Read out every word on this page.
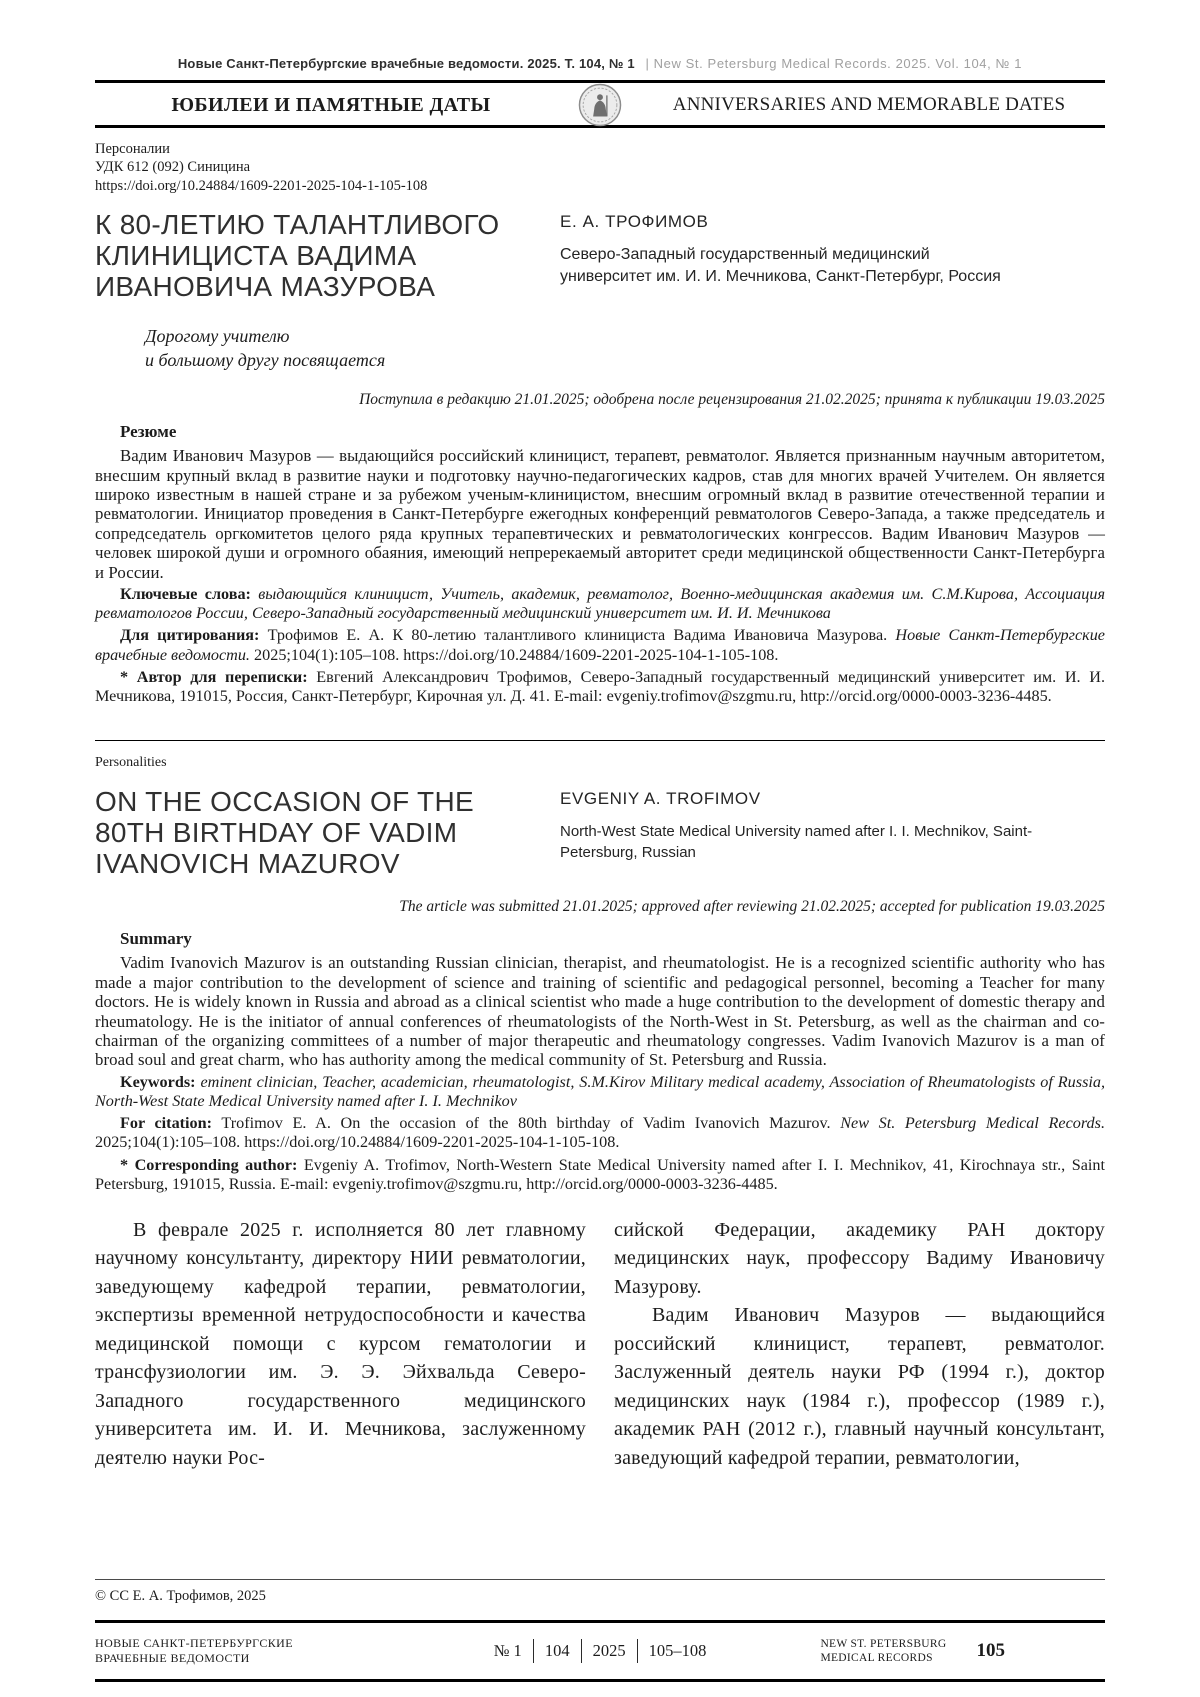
Новые Санкт-Петербургские врачебные ведомости. 2025. Т. 104, № 1 | New St. Petersburg Medical Records. 2025. Vol. 104, № 1
ЮБИЛЕИ И ПАМЯТНЫЕ ДАТЫ	ANNIVERSARIES AND MEMORABLE DATES
Персоналии
УДК 612 (092) Синицина
https://doi.org/10.24884/1609-2201-2025-104-1-105-108
К 80-ЛЕТИЮ ТАЛАНТЛИВОГО КЛИНИЦИСТА ВАДИМА ИВАНОВИЧА МАЗУРОВА
Е. А. ТРОФИМОВ
Северо-Западный государственный медицинский университет им. И. И. Мечникова, Санкт-Петербург, Россия
Дорогому учителю
и большому другу посвящается
Поступила в редакцию 21.01.2025; одобрена после рецензирования 21.02.2025; принята к публикации 19.03.2025
Резюме

Вадим Иванович Мазуров — выдающийся российский клиницист, терапевт, ревматолог. Является признанным научным авторитетом, внесшим крупный вклад в развитие науки и подготовку научно-педагогических кадров, став для многих врачей Учителем. Он является широко известным в нашей стране и за рубежом ученым-клиницистом, внесшим огромный вклад в развитие отечественной терапии и ревматологии. Инициатор проведения в Санкт-Петербурге ежегодных конференций ревматологов Северо-Запада, а также председатель и сопредседатель оргкомитетов целого ряда крупных терапевтических и ревматологических конгрессов. Вадим Иванович Мазуров — человек широкой души и огромного обаяния, имеющий непререкаемый авторитет среди медицинской общественности Санкт-Петербурга и России.

Ключевые слова: выдающийся клиницист, Учитель, академик, ревматолог, Военно-медицинская академия им. С.М.Кирова, Ассоциация ревматологов России, Северо-Западный государственный медицинский университет им. И. И. Мечникова

Для цитирования: Трофимов Е. А. К 80-летию талантливого клинициста Вадима Ивановича Мазурова. Новые Санкт-Петербургские врачебные ведомости. 2025;104(1):105–108. https://doi.org/10.24884/1609-2201-2025-104-1-105-108.

* Автор для переписки: Евгений Александрович Трофимов, Северо-Западный государственный медицинский университет им. И. И. Мечникова, 191015, Россия, Санкт-Петербург, Кирочная ул. Д. 41. E-mail: evgeniy.trofimov@szgmu.ru, http://orcid.org/0000-0003-3236-4485.

Personalities
ON THE OCCASION OF THE 80TH BIRTHDAY OF VADIM IVANOVICH MAZUROV
EVGENIY A. TROFIMOV
North-West State Medical University named after I. I. Mechnikov, Saint-Petersburg, Russian
The article was submitted 21.01.2025; approved after reviewing 21.02.2025; accepted for publication 19.03.2025
Summary

Vadim Ivanovich Mazurov is an outstanding Russian clinician, therapist, and rheumatologist. He is a recognized scientific authority who has made a major contribution to the development of science and training of scientific and pedagogical personnel, becoming a Teacher for many doctors. He is widely known in Russia and abroad as a clinical scientist who made a huge contribution to the development of domestic therapy and rheumatology. He is the initiator of annual conferences of rheumatologists of the North-West in St. Petersburg, as well as the chairman and co-chairman of the organizing committees of a number of major therapeutic and rheumatology congresses. Vadim Ivanovich Mazurov is a man of broad soul and great charm, who has authority among the medical community of St. Petersburg and Russia.

Keywords: eminent clinician, Teacher, academician, rheumatologist, S.M.Kirov Military medical academy, Association of Rheumatologists of Russia, North-West State Medical University named after I. I. Mechnikov

For citation: Trofimov E. A. On the occasion of the 80th birthday of Vadim Ivanovich Mazurov. New St. Petersburg Medical Records. 2025;104(1):105–108. https://doi.org/10.24884/1609-2201-2025-104-1-105-108.

* Corresponding author: Evgeniy A. Trofimov, North-Western State Medical University named after I. I. Mechnikov, 41, Kirochnaya str., Saint Petersburg, 191015, Russia. E-mail: evgeniy.trofimov@szgmu.ru, http://orcid.org/0000-0003-3236-4485.

В феврале 2025 г. исполняется 80 лет главному научному консультанту, директору НИИ ревматологии, заведующему кафедрой терапии, ревматологии, экспертизы временной нетрудоспособности и качества медицинской помощи с курсом гематологии и трансфузиологии им. Э. Э. Эйхвальда Северо-Западного государственного медицинского университета им. И. И. Мечникова, заслуженному деятелю науки Рос-

сийской Федерации, академику РАН доктору медицинских наук, профессору Вадиму Ивановичу Мазурову.

Вадим Иванович Мазуров — выдающийся российский клиницист, терапевт, ревматолог. Заслуженный деятель науки РФ (1994 г.), доктор медицинских наук (1984 г.), профессор (1989 г.), академик РАН (2012 г.), главный научный консультант, заведующий кафедрой терапии, ревматологии,

© СС Е. А. Трофимов, 2025
НОВЫЕ САНКТ-ПЕТЕРБУРГСКИЕ
ВРАЧЕБНЫЕ ВЕДОМОСТИ	№ 1	104	2025	105–108	NEW ST. PETERSBURG
MEDICAL RECORDS	105
